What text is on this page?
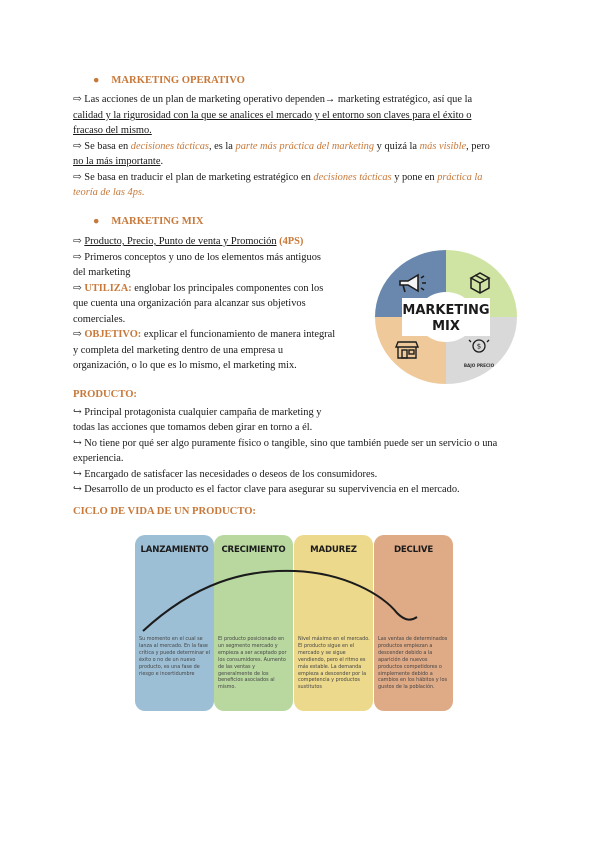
● MARKETING OPERATIVO
⇨ Las acciones de un plan de marketing operativo dependen→ marketing estratégico, así que la
calidad y la rigurosidad con la que se analices el mercado y el entorno son claves para el éxito o
fracaso del mismo.
⇨ Se basa en decisiones tácticas, es la parte más práctica del marketing y quizá la más visible, pero
no la más importante.
⇨ Se basa en traducir el plan de marketing estratégico en decisiones tácticas y pone en práctica la
teoría de las 4ps.
● MARKETING MIX
⇨ Producto, Precio, Punto de venta y Promoción (4PS)
⇨ Primeros conceptos y uno de los elementos más antiguos
del marketing
⇨ UTILIZA: englobar los principales componentes con los
que cuenta una organización para alcanzar sus objetivos
comerciales.
⇨ OBJETIVO: explicar el funcionamiento de manera integral
y completa del marketing dentro de una empresa u
organización, o lo que es lo mismo, el marketing mix.
$
BAJO PRECIO
MARKETING
MIX
PRODUCTO:
↪ Principal protagonista cualquier campaña de marketing y
todas las acciones que tomamos deben girar en torno a él.
↪ No tiene por qué ser algo puramente físico o tangible, sino que también puede ser un servicio o una
experiencia.
↪ Encargado de satisfacer las necesidades o deseos de los consumidores.
↪ Desarrollo de un producto es el factor clave para asegurar su supervivencia en el mercado.
CICLO DE VIDA DE UN PRODUCTO:
LANZAMIENTO
Su momento en el cual se lanza al mercado. En la fase crítica y puede determinar el éxito o no de un nuevo producto, es una fase de riesgo e incertidumbre
CRECIMIENTO
El producto posicionado en un segmento mercado y empieza a ser aceptado por los consumidores. Aumento de las ventas y generalmente de los beneficios asociados al mismo.
MADUREZ
Nivel máximo en el mercado. El producto sigue en el mercado y se sigue vendiendo, pero el ritmo es más estable. La demanda empieza a descender por la competencia y productos sustitutos
DECLIVE
Las ventas de determinados productos empiezan a descender debido a la aparición de nuevos productos competidores o simplemente debido a cambios en los hábitos y los gustos de la población.
